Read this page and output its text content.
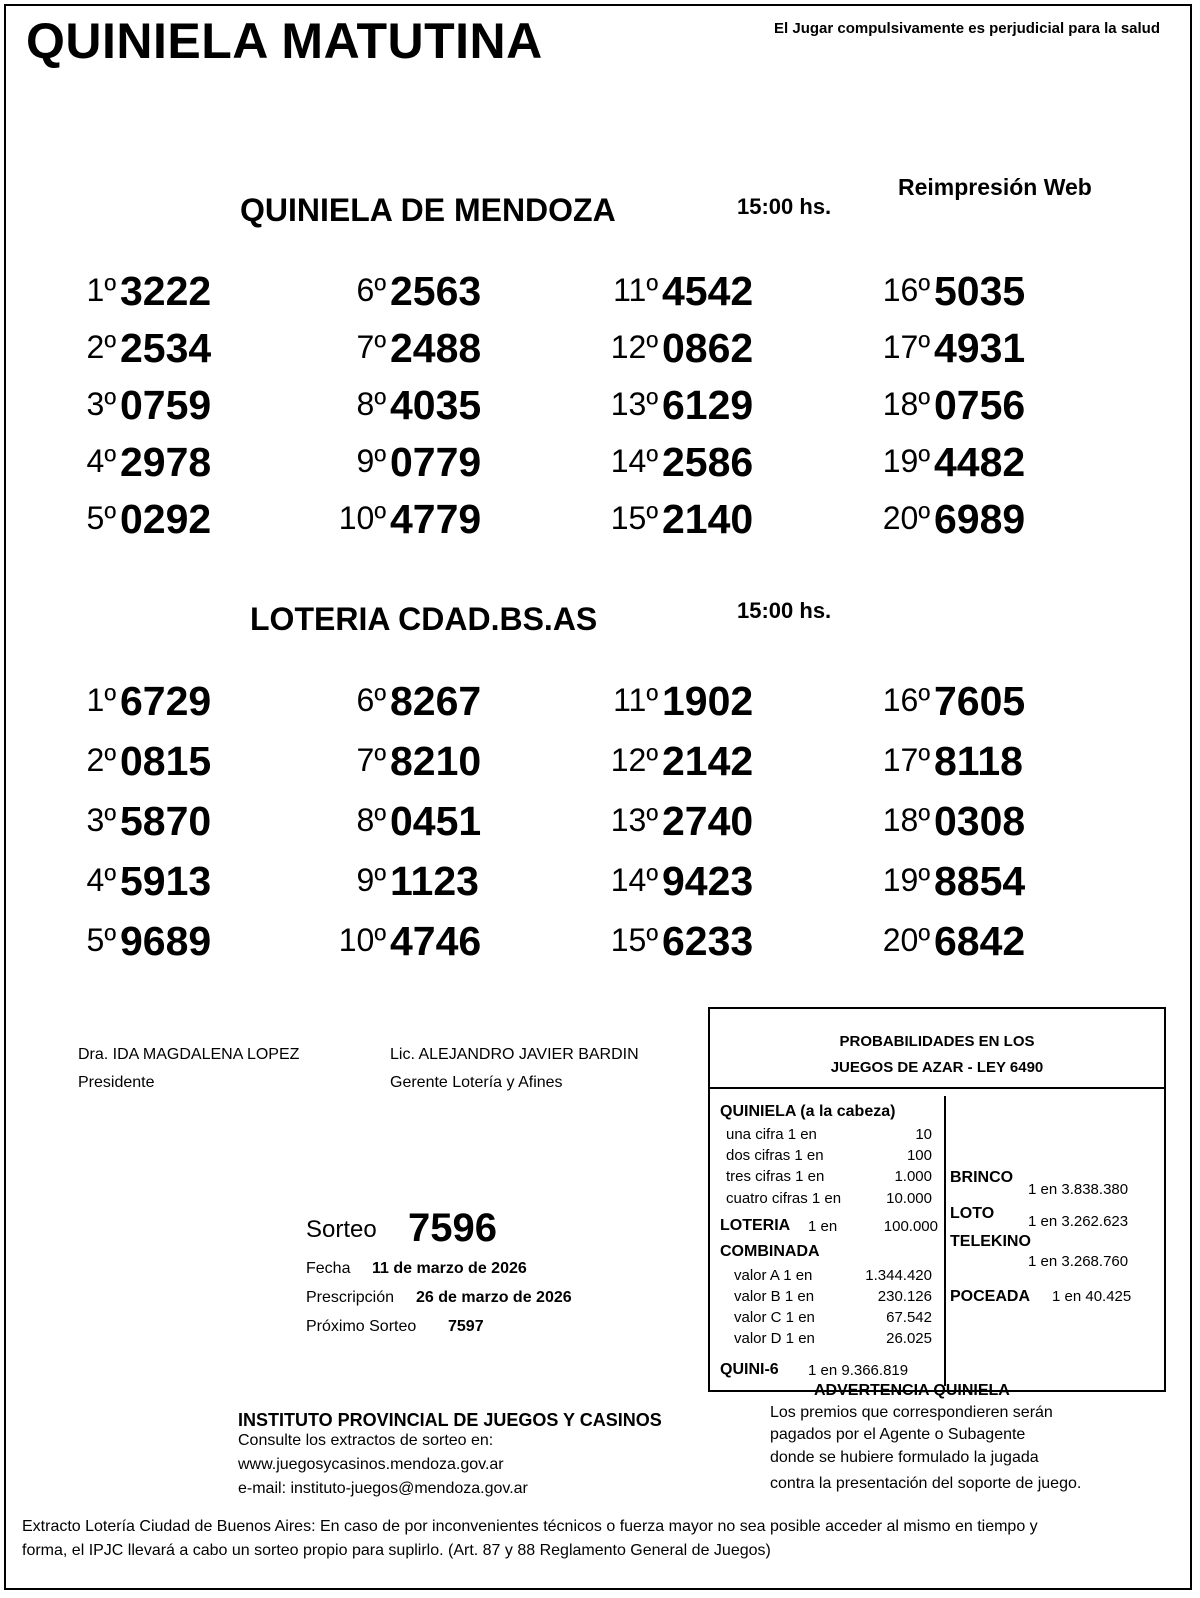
QUINIELA MATUTINA	El Jugar compulsivamente es perjudicial para la salud
Reimpresión Web
QUINIELA DE MENDOZA	15:00 hs.
1º 3222
2º 2534
3º 0759
4º 2978
5º 0292
6º 2563
7º 2488
8º 4035
9º 0779
10º 4779
11º 4542
12º 0862
13º 6129
14º 2586
15º 2140
16º 5035
17º 4931
18º 0756
19º 4482
20º 6989
LOTERIA CDAD.BS.AS	15:00 hs.
1º 6729
2º 0815
3º 5870
4º 5913
5º 9689
6º 8267
7º 8210
8º 0451
9º 1123
10º 4746
11º 1902
12º 2142
13º 2740
14º 9423
15º 6233
16º 7605
17º 8118
18º 0308
19º 8854
20º 6842
Dra. IDA MAGDALENA LOPEZ
Presidente
Lic. ALEJANDRO JAVIER BARDIN
Gerente Lotería y Afines
PROBABILIDADES EN LOS
JUEGOS DE AZAR - LEY 6490
QUINIELA (a la cabeza)
una cifra 1 en	10
dos cifras 1 en	100
tres cifras 1 en	1.000
cuatro cifras 1 en	10.000
LOTERIA 1 en	100.000
COMBINADA
valor A 1 en	1.344.420
valor B 1 en	230.126
valor C 1 en	67.542
valor D 1 en	26.025
QUINI-6 1 en 9.366.819
BRINCO
1 en 3.838.380
LOTO 1 en 3.262.623
TELEKINO
1 en 3.268.760
POCEADA 1 en 40.425
Sorteo 7596
Fecha 11 de marzo de 2026
Prescripción 26 de marzo de 2026
Próximo Sorteo 7597
INSTITUTO PROVINCIAL DE JUEGOS Y CASINOS
Consulte los extractos de sorteo en:
www.juegosycasinos.mendoza.gov.ar
e-mail: instituto-juegos@mendoza.gov.ar
ADVERTENCIA QUINIELA
Los premios que correspondieren serán
pagados por el Agente o Subagente
donde se hubiere formulado la jugada
contra la presentación del soporte de juego.
Extracto Lotería Ciudad de Buenos Aires: En caso de por inconvenientes técnicos o fuerza mayor no sea posible acceder al mismo en tiempo y
forma, el IPJC llevará a cabo un sorteo propio para suplirlo. (Art. 87 y 88 Reglamento General de Juegos)
